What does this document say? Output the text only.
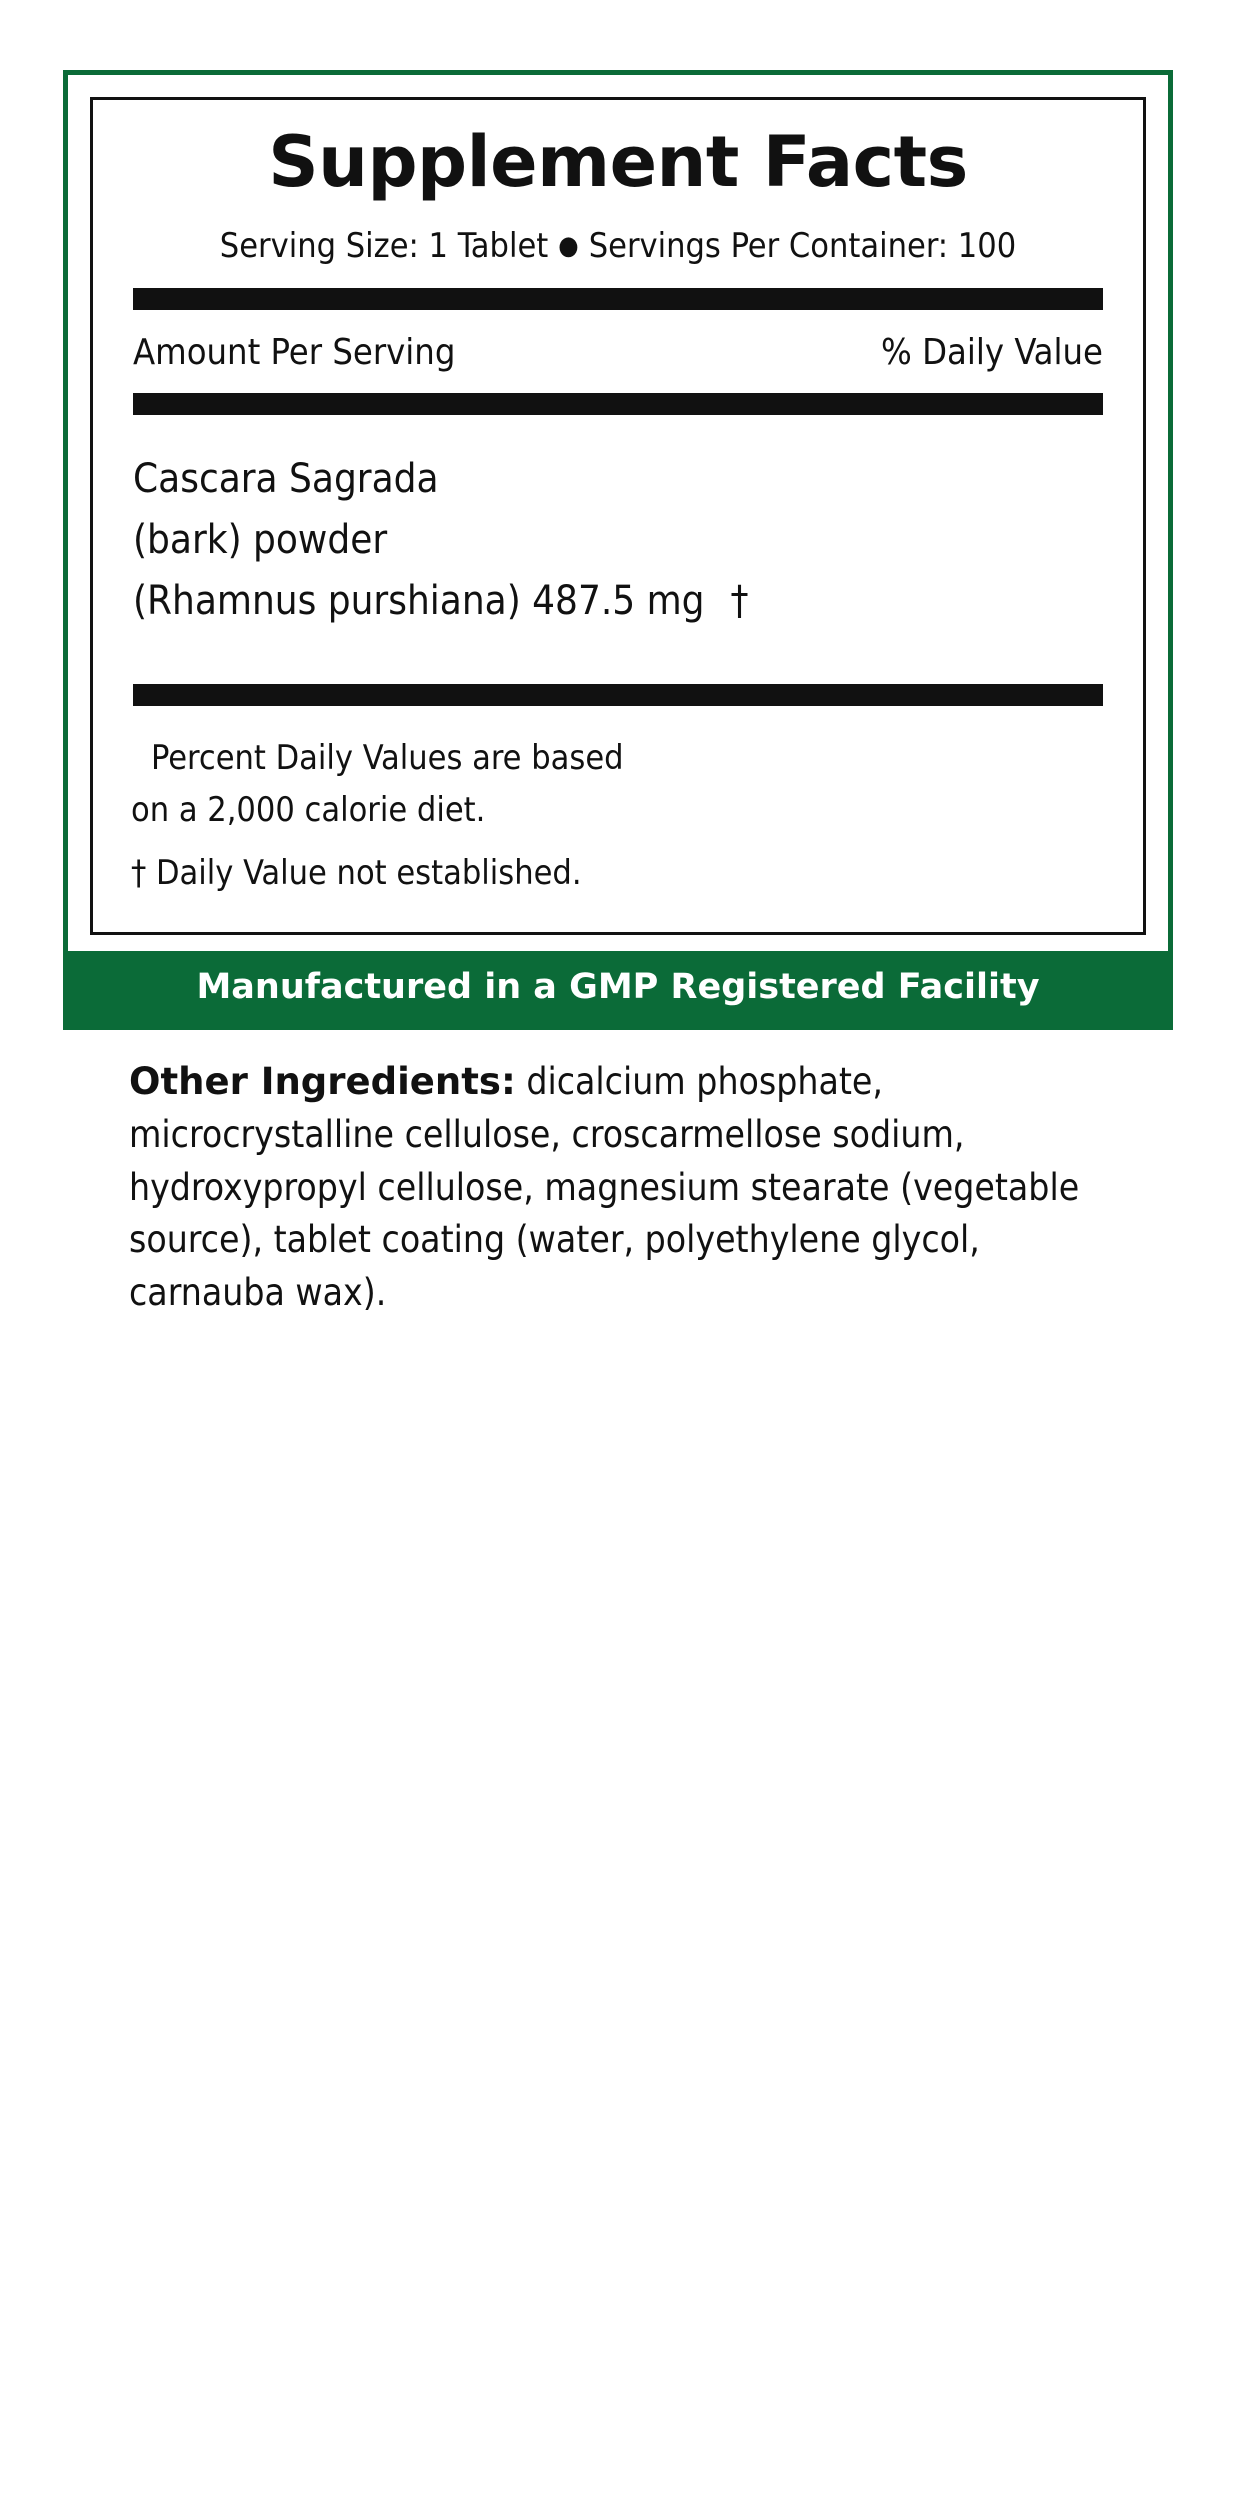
Supplement Facts
Serving Size: 1 Tablet ● Servings Per Container: 100
Amount Per Serving	% Daily Value
Cascara Sagrada
(bark) powder
(Rhamnus purshiana) 487.5 mg †

Percent Daily Values are based

on a 2,000 calorie diet.

† Daily Value not established.

Manufactured in a GMP Registered Facility
Other Ingredients: dicalcium phosphate, microcrystalline cellulose, croscarmellose sodium, hydroxypropyl cellulose, magnesium stearate (vegetable source), tablet coating (water, polyethylene glycol, carnauba wax).
